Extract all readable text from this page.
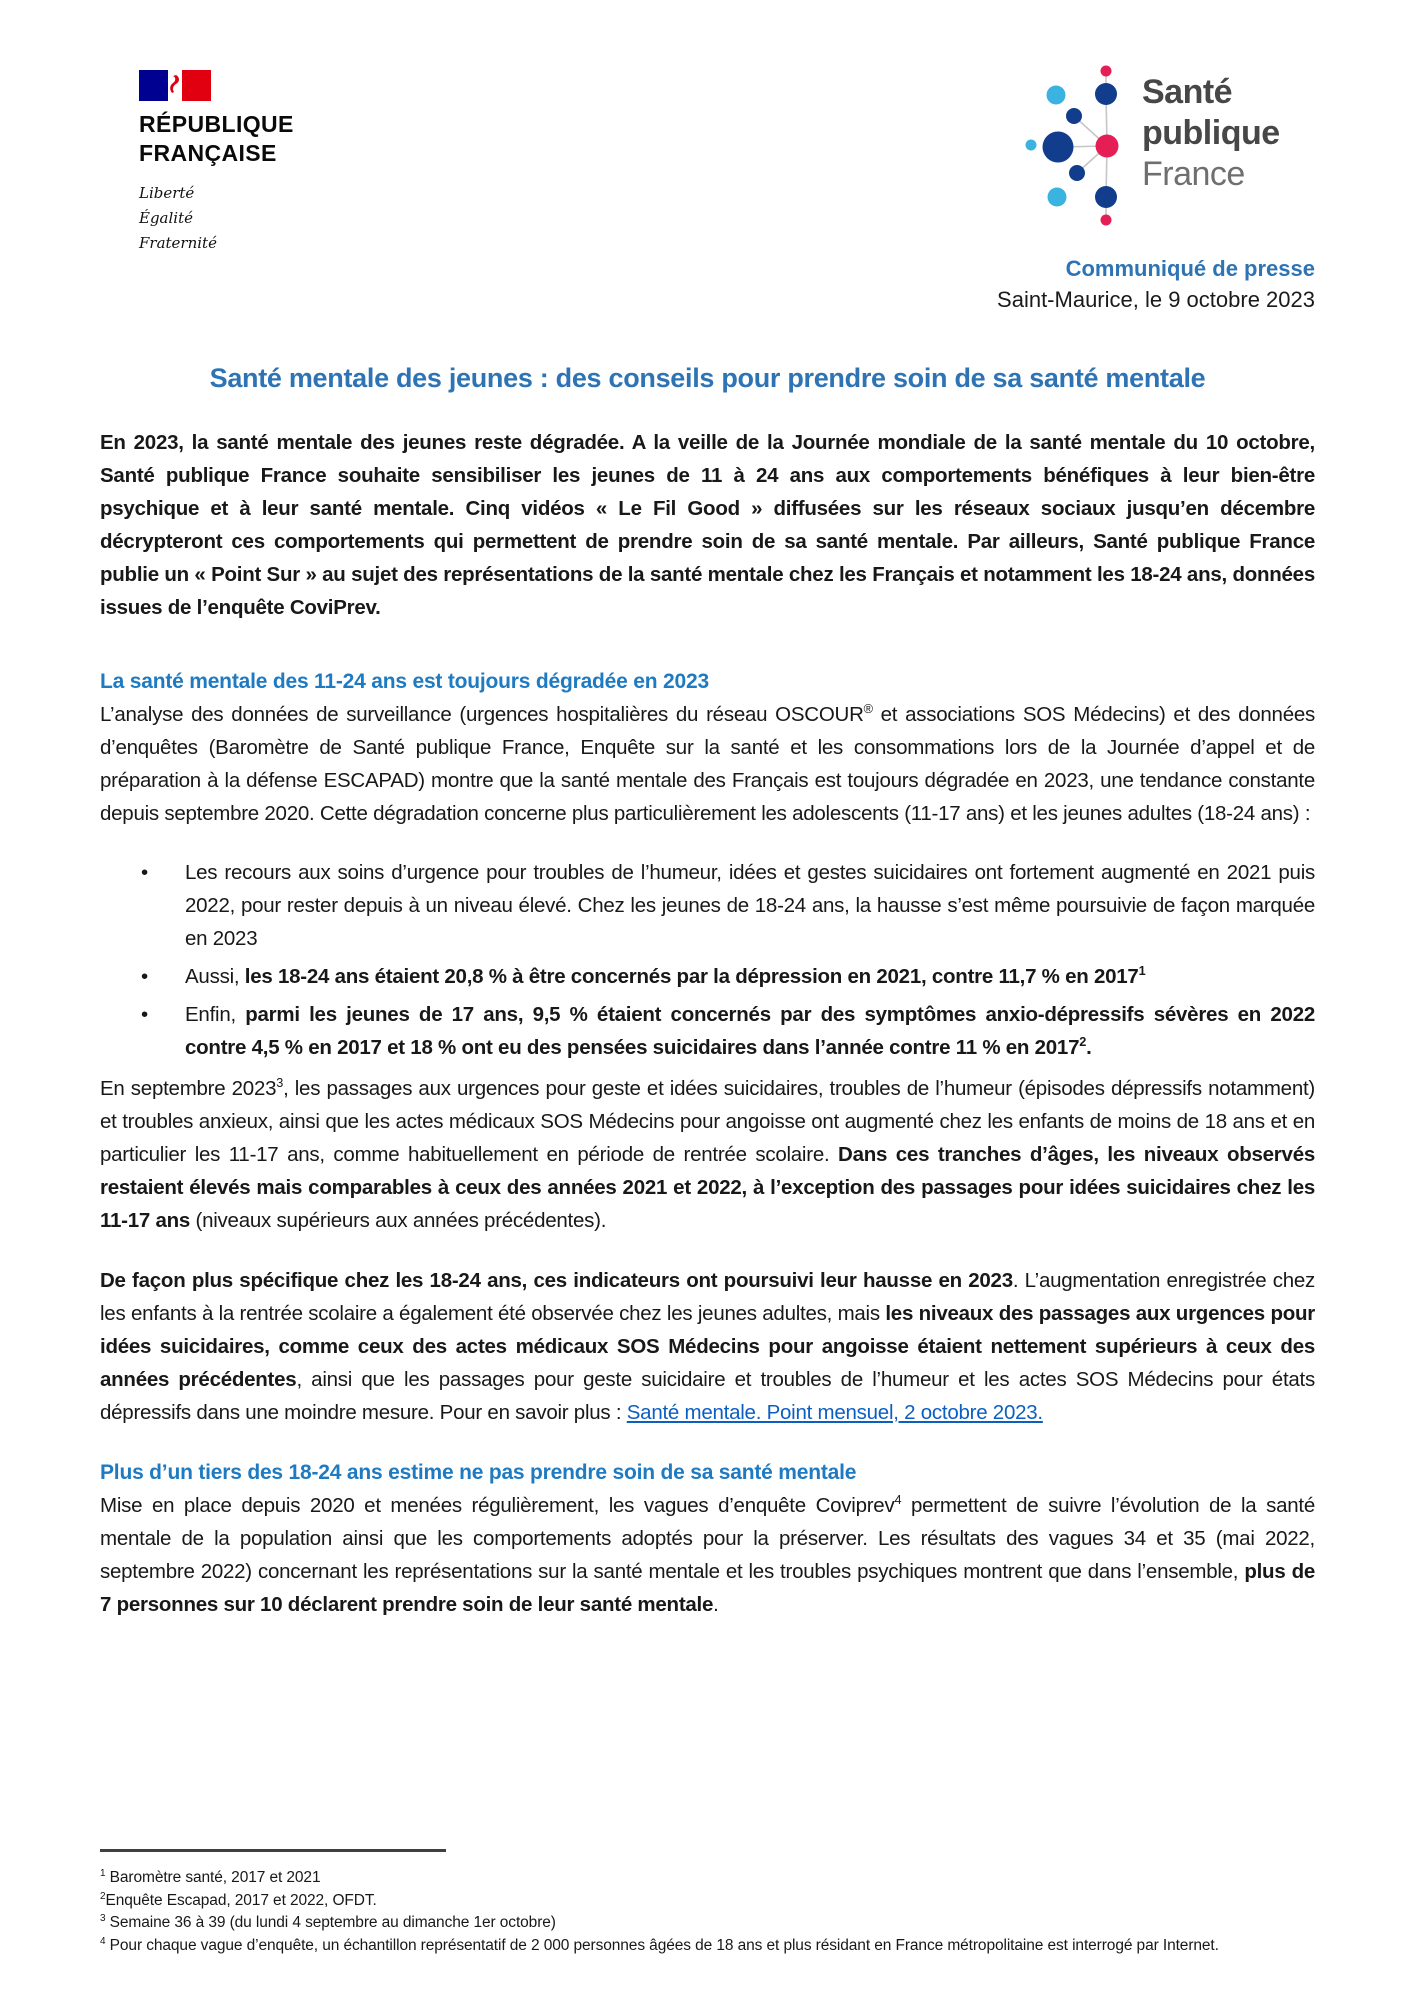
RÉPUBLIQUE
FRANÇAISE
Liberté
Égalité
Fraternité
Santé
publique
France
Communiqué de presse
Saint-Maurice, le 9 octobre 2023
Santé mentale des jeunes : des conseils pour prendre soin de sa santé mentale

En 2023, la santé mentale des jeunes reste dégradée. A la veille de la Journée mondiale de la santé mentale du 10 octobre, Santé publique France souhaite sensibiliser les jeunes de 11 à 24 ans aux comportements bénéfiques à leur bien-être psychique et à leur santé mentale. Cinq vidéos « Le Fil Good » diffusées sur les réseaux sociaux jusqu’en décembre décrypteront ces comportements qui permettent de prendre soin de sa santé mentale. Par ailleurs, Santé publique France publie un « Point Sur » au sujet des représentations de la santé mentale chez les Français et notamment les 18-24 ans, données issues de l’enquête CoviPrev.

La santé mentale des 11-24 ans est toujours dégradée en 2023

L’analyse des données de surveillance (urgences hospitalières du réseau OSCOUR® et associations SOS Médecins) et des données d’enquêtes (Baromètre de Santé publique France, Enquête sur la santé et les consommations lors de la Journée d’appel et de préparation à la défense ESCAPAD) montre que la santé mentale des Français est toujours dégradée en 2023, une tendance constante depuis septembre 2020. Cette dégradation concerne plus particulièrement les adolescents (11-17 ans) et les jeunes adultes (18-24 ans) :

• Les recours aux soins d’urgence pour troubles de l’humeur, idées et gestes suicidaires ont fortement augmenté en 2021 puis 2022, pour rester depuis à un niveau élevé. Chez les jeunes de 18-24 ans, la hausse s’est même poursuivie de façon marquée en 2023
• Aussi, les 18-24 ans étaient 20,8 % à être concernés par la dépression en 2021, contre 11,7 % en 2017$^1$
• Enfin, parmi les jeunes de 17 ans, 9,5 % étaient concernés par des symptômes anxio-dépressifs sévères en 2022 contre 4,5 % en 2017 et 18 % ont eu des pensées suicidaires dans l’année contre 11 % en 2017$^2$.

En septembre 2023$^3$, les passages aux urgences pour geste et idées suicidaires, troubles de l’humeur (épisodes dépressifs notamment) et troubles anxieux, ainsi que les actes médicaux SOS Médecins pour angoisse ont augmenté chez les enfants de moins de 18 ans et en particulier les 11-17 ans, comme habituellement en période de rentrée scolaire. Dans ces tranches d’âges, les niveaux observés restaient élevés mais comparables à ceux des années 2021 et 2022, à l’exception des passages pour idées suicidaires chez les 11-17 ans (niveaux supérieurs aux années précédentes).

De façon plus spécifique chez les 18-24 ans, ces indicateurs ont poursuivi leur hausse en 2023. L’augmentation enregistrée chez les enfants à la rentrée scolaire a également été observée chez les jeunes adultes, mais les niveaux des passages aux urgences pour idées suicidaires, comme ceux des actes médicaux SOS Médecins pour angoisse étaient nettement supérieurs à ceux des années précédentes, ainsi que les passages pour geste suicidaire et troubles de l’humeur et les actes SOS Médecins pour états dépressifs dans une moindre mesure. Pour en savoir plus : Santé mentale. Point mensuel, 2 octobre 2023.

Plus d’un tiers des 18-24 ans estime ne pas prendre soin de sa santé mentale

Mise en place depuis 2020 et menées régulièrement, les vagues d’enquête Coviprev$^4$ permettent de suivre l’évolution de la santé mentale de la population ainsi que les comportements adoptés pour la préserver. Les résultats des vagues 34 et 35 (mai 2022, septembre 2022) concernant les représentations sur la santé mentale et les troubles psychiques montrent que dans l’ensemble, plus de 7 personnes sur 10 déclarent prendre soin de leur santé mentale.

$^1$ Baromètre santé, 2017 et 2021
$^2$Enquête Escapad, 2017 et 2022, OFDT.
$^3$ Semaine 36 à 39 (du lundi 4 septembre au dimanche 1er octobre)
$^4$ Pour chaque vague d’enquête, un échantillon représentatif de 2 000 personnes âgées de 18 ans et plus résidant en France métropolitaine est interrogé par Internet.
